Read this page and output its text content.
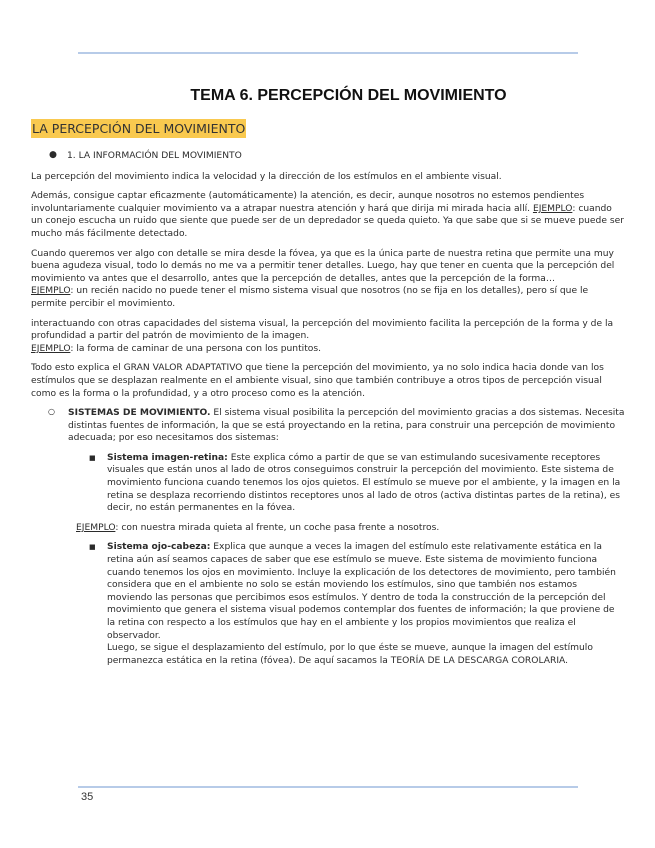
TEMA 6. PERCEPCIÓN DEL MOVIMIENTO
LA PERCEPCIÓN DEL MOVIMIENTO
● 1. LA INFORMACIÓN DEL MOVIMIENTO

La percepción del movimiento indica la velocidad y la dirección de los estímulos en el ambiente visual.

Además, consigue captar eficazmente (automáticamente) la atención, es decir, aunque nosotros no estemos pendientes involuntariamente cualquier movimiento va a atrapar nuestra atención y hará que dirija mi mirada hacia allí. EJEMPLO: cuando un conejo escucha un ruido que siente que puede ser de un depredador se queda quieto. Ya que sabe que si se mueve puede ser mucho más fácilmente detectado.

Cuando queremos ver algo con detalle se mira desde la fóvea, ya que es la única parte de nuestra retina que permite una muy buena agudeza visual, todo lo demás no me va a permitir tener detalles. Luego, hay que tener en cuenta que la percepción del movimiento va antes que el desarrollo, antes que la percepción de detalles, antes que la percepción de la forma…
EJEMPLO: un recién nacido no puede tener el mismo sistema visual que nosotros (no se fija en los detalles), pero sí que le permite percibir el movimiento.

interactuando con otras capacidades del sistema visual, la percepción del movimiento facilita la percepción de la forma y de la profundidad a partir del patrón de movimiento de la imagen.
EJEMPLO: la forma de caminar de una persona con los puntitos.

Todo esto explica el GRAN VALOR ADAPTATIVO que tiene la percepción del movimiento, ya no solo indica hacia donde van los estímulos que se desplazan realmente en el ambiente visual, sino que también contribuye a otros tipos de percepción visual como es la forma o la profundidad, y a otro proceso como es la atención.

○ SISTEMAS DE MOVIMIENTO. El sistema visual posibilita la percepción del movimiento gracias a dos sistemas. Necesita distintas fuentes de información, la que se está proyectando en la retina, para construir una percepción de movimiento adecuada; por eso necesitamos dos sistemas:
■ Sistema imagen-retina: Este explica cómo a partir de que se van estimulando sucesivamente receptores visuales que están unos al lado de otros conseguimos construir la percepción del movimiento. Este sistema de movimiento funciona cuando tenemos los ojos quietos. El estímulo se mueve por el ambiente, y la imagen en la retina se desplaza recorriendo distintos receptores unos al lado de otros (activa distintas partes de la retina), es decir, no están permanentes en la fóvea.

EJEMPLO: con nuestra mirada quieta al frente, un coche pasa frente a nosotros.

■ Sistema ojo-cabeza: Explica que aunque a veces la imagen del estímulo este relativamente estática en la retina aún así seamos capaces de saber que ese estímulo se mueve. Este sistema de movimiento funciona cuando tenemos los ojos en movimiento. Incluye la explicación de los detectores de movimiento, pero también considera que en el ambiente no solo se están moviendo los estímulos, sino que también nos estamos moviendo las personas que percibimos esos estímulos. Y dentro de toda la construcción de la percepción del movimiento que genera el sistema visual podemos contemplar dos fuentes de información; la que proviene de la retina con respecto a los estímulos que hay en el ambiente y los propios movimientos que realiza el observador.
Luego, se sigue el desplazamiento del estímulo, por lo que éste se mueve, aunque la imagen del estímulo permanezca estática en la retina (fóvea). De aquí sacamos la TEORÍA DE LA DESCARGA COROLARIA.
35
